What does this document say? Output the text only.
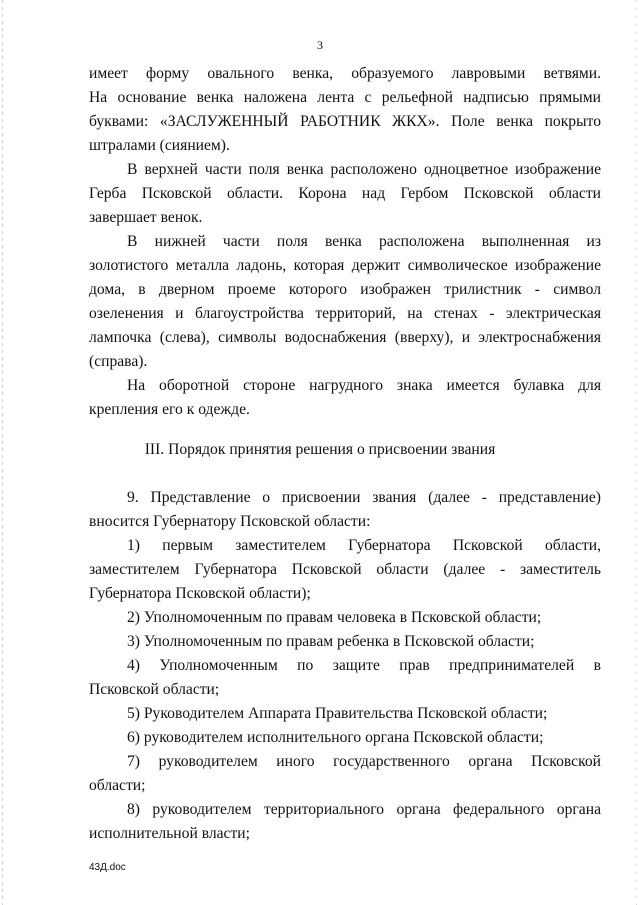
3
имеет форму овального венка, образуемого лавровыми ветвями.
На основание венка наложена лента с рельефной надписью прямыми
буквами: «ЗАСЛУЖЕННЫЙ РАБОТНИК ЖКХ». Поле венка покрыто
штралами (сиянием).
В верхней части поля венка расположено одноцветное изображение
Герба Псковской области. Корона над Гербом Псковской области
завершает венок.
В нижней части поля венка расположена выполненная из
золотистого металла ладонь, которая держит символическое изображение
дома, в дверном проеме которого изображен трилистник - символ
озеленения и благоустройства территорий, на стенах - электрическая
лампочка (слева), символы водоснабжения (вверху), и электроснабжения
(справа).
На оборотной стороне нагрудного знака имеется булавка для
крепления его к одежде.
III. Порядок принятия решения о присвоении звания
9. Представление о присвоении звания (далее - представление)
вносится Губернатору Псковской области:
1) первым заместителем Губернатора Псковской области,
заместителем Губернатора Псковской области (далее - заместитель
Губернатора Псковской области);
2) Уполномоченным по правам человека в Псковской области;
3) Уполномоченным по правам ребенка в Псковской области;
4) Уполномоченным по защите прав предпринимателей в
Псковской области;
5) Руководителем Аппарата Правительства Псковской области;
6) руководителем исполнительного органа Псковской области;
7) руководителем иного государственного органа Псковской
области;
8) руководителем территориального органа федерального органа
исполнительной власти;
43Д.doc
